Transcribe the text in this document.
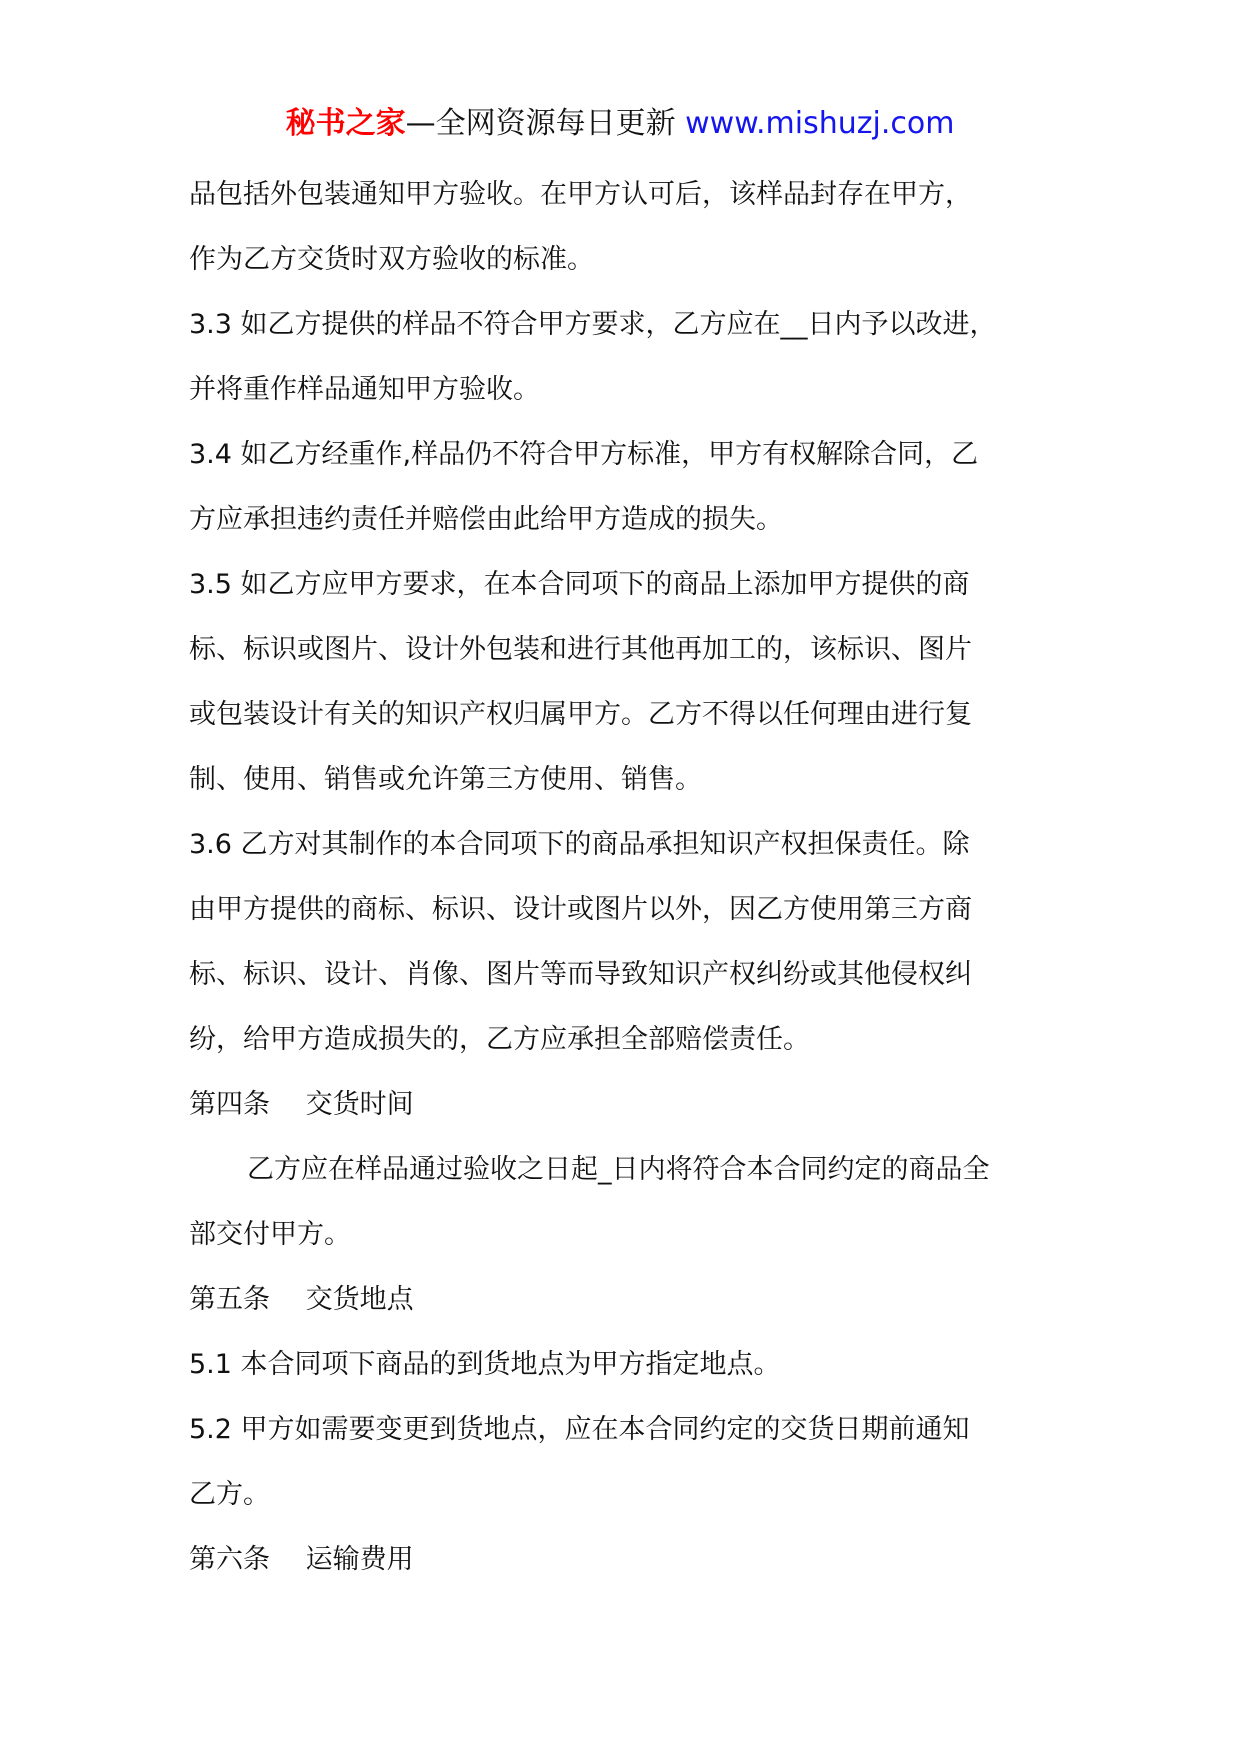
秘书之家—全网资源每日更新 www.mishuzj.com
品包括外包装通知甲方验收。在甲方认可后，该样品封存在甲方，
作为乙方交货时双方验收的标准。
3.3 如乙方提供的样品不符合甲方要求，乙方应在__日内予以改进，
并将重作样品通知甲方验收。
3.4 如乙方经重作,样品仍不符合甲方标准，甲方有权解除合同，乙
方应承担违约责任并赔偿由此给甲方造成的损失。
3.5 如乙方应甲方要求，在本合同项下的商品上添加甲方提供的商
标、标识或图片、设计外包装和进行其他再加工的，该标识、图片
或包装设计有关的知识产权归属甲方。乙方不得以任何理由进行复
制、使用、销售或允许第三方使用、销售。
3.6 乙方对其制作的本合同项下的商品承担知识产权担保责任。除
由甲方提供的商标、标识、设计或图片以外，因乙方使用第三方商
标、标识、设计、肖像、图片等而导致知识产权纠纷或其他侵权纠
纷，给甲方造成损失的，乙方应承担全部赔偿责任。
第四条　 交货时间
乙方应在样品通过验收之日起_日内将符合本合同约定的商品全
部交付甲方。
第五条　 交货地点
5.1 本合同项下商品的到货地点为甲方指定地点。
5.2 甲方如需要变更到货地点，应在本合同约定的交货日期前通知
乙方。
第六条　 运输费用
